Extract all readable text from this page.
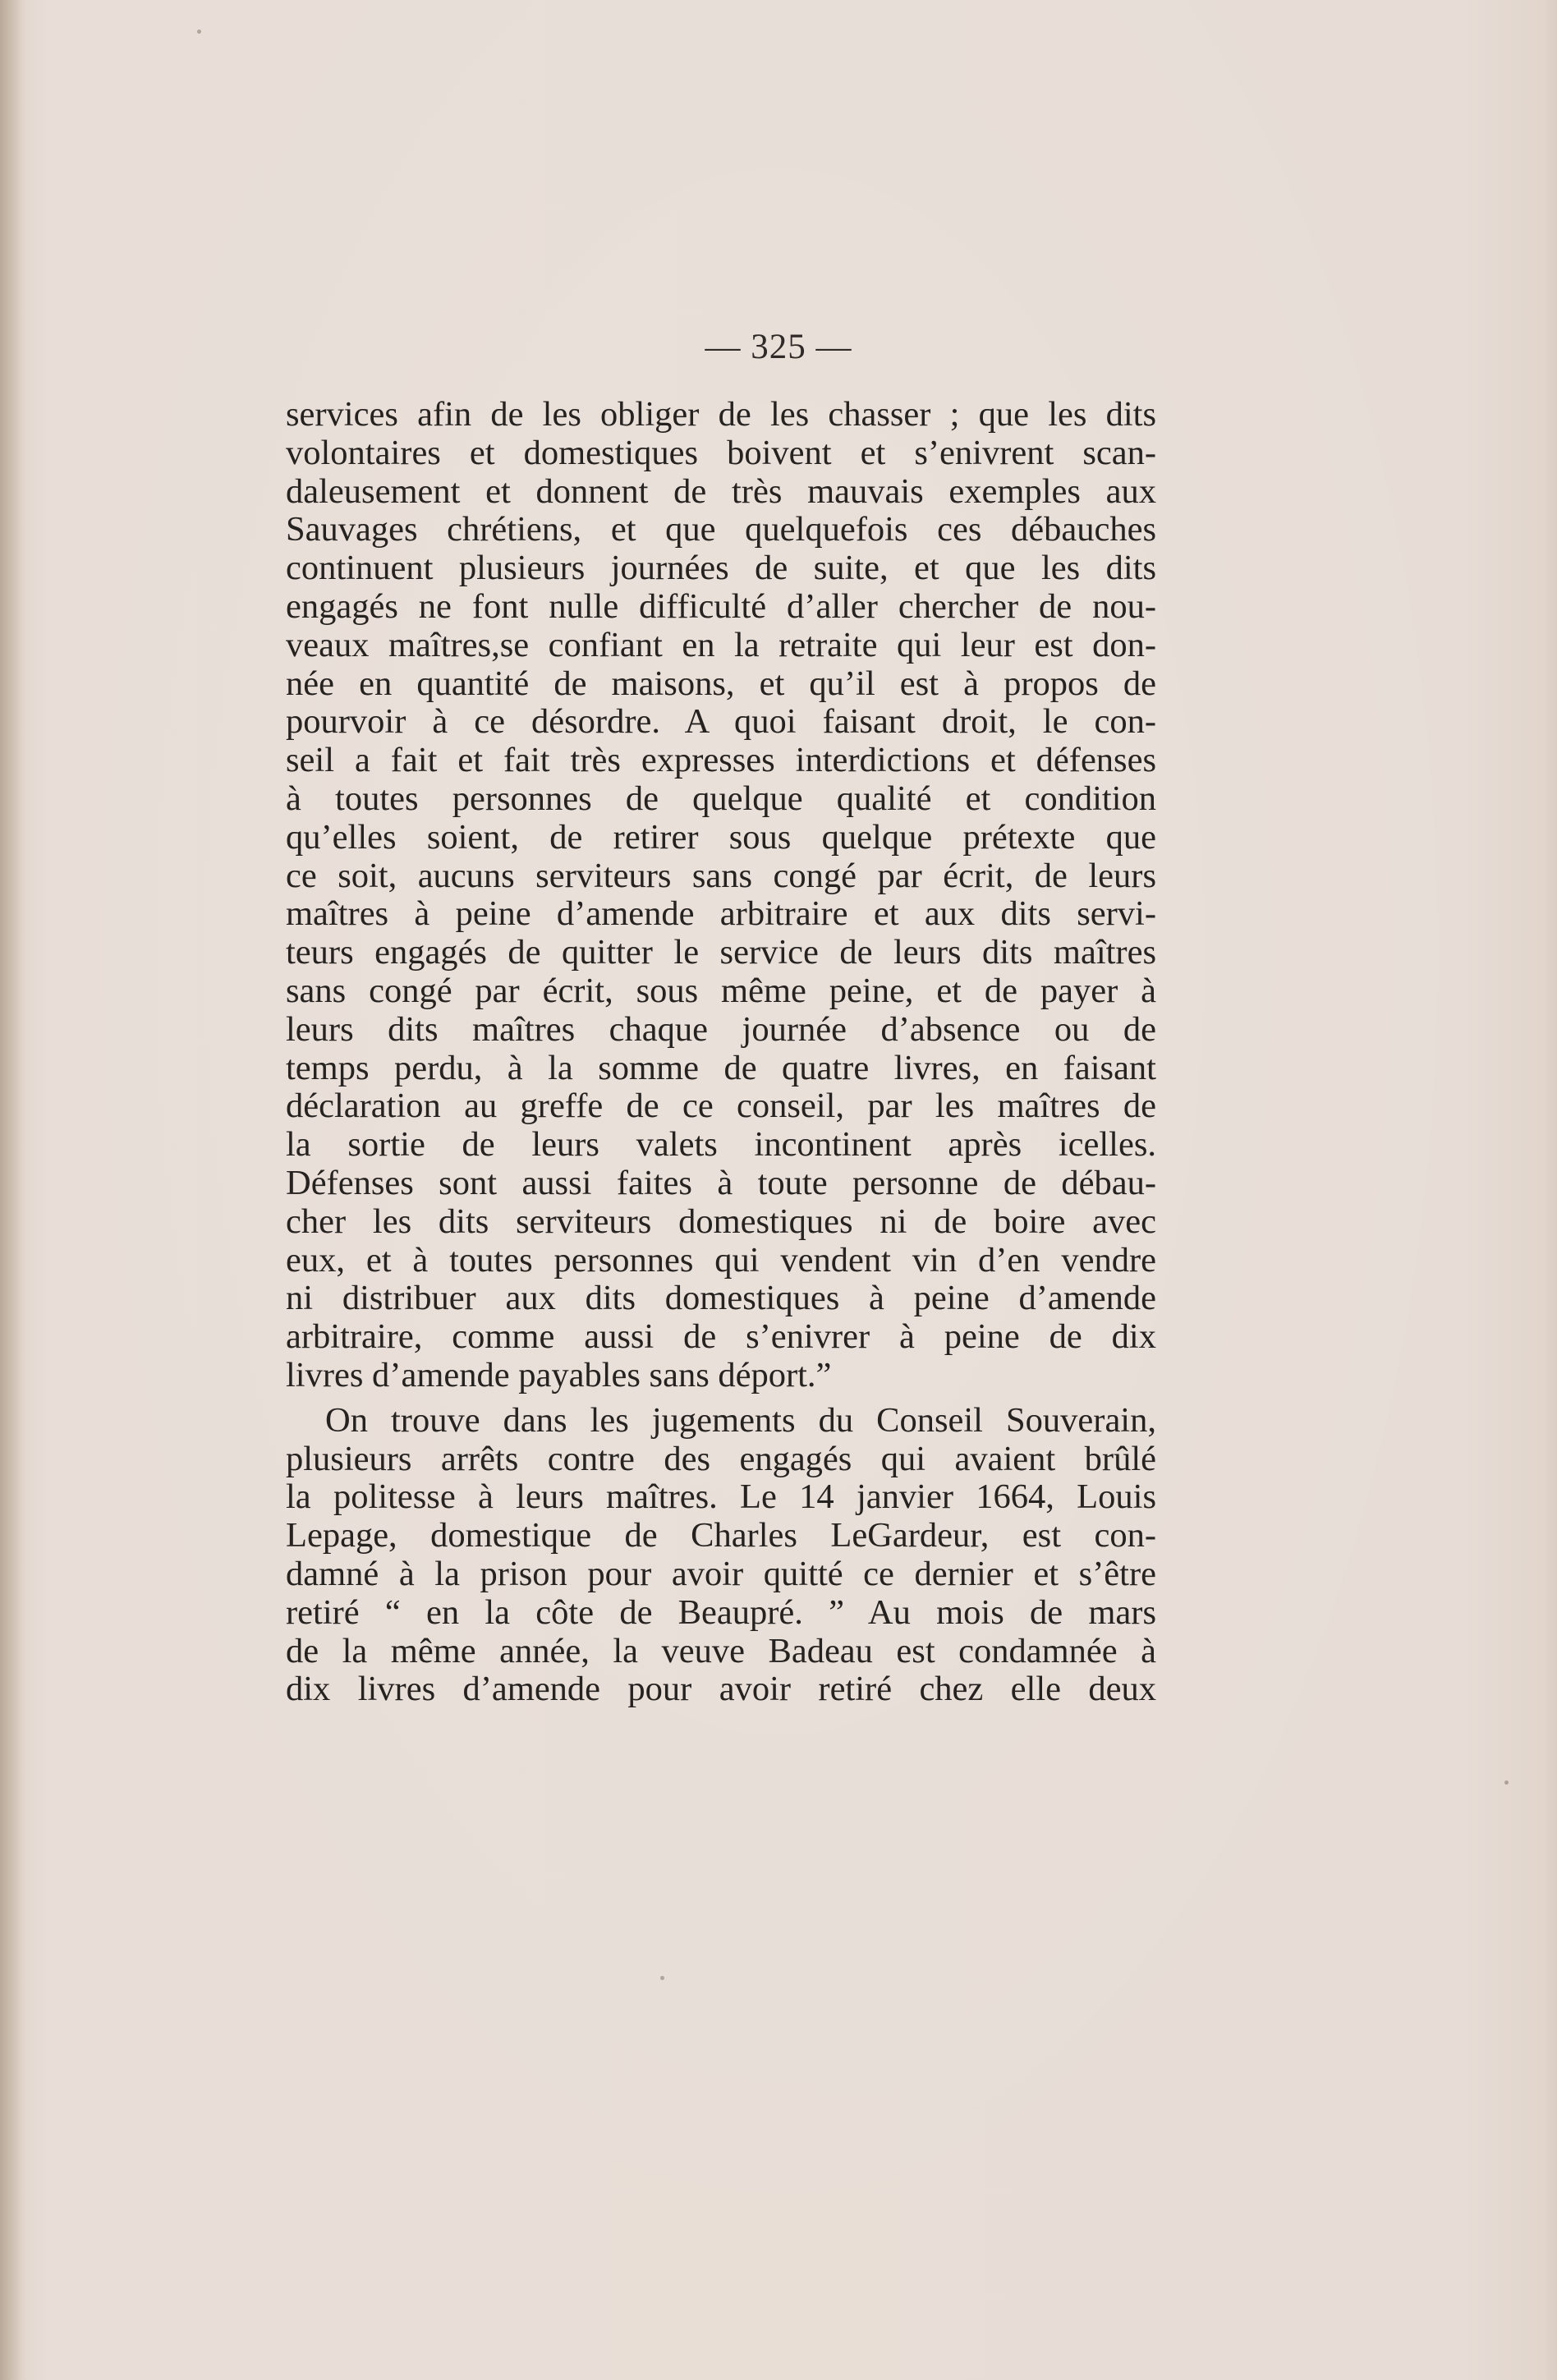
— 325 —
services afin de les obliger de les chasser ; que les dits
volontaires et domestiques boivent et s’enivrent scan-
daleusement et donnent de très mauvais exemples aux
Sauvages chrétiens, et que quelquefois ces débauches
continuent plusieurs journées de suite, et que les dits
engagés ne font nulle difficulté d’aller chercher de nou-
veaux maîtres,se confiant en la retraite qui leur est don-
née en quantité de maisons, et qu’il est à propos de
pourvoir à ce désordre. A quoi faisant droit, le con-
seil a fait et fait très expresses interdictions et défenses
à toutes personnes de quelque qualité et condition
qu’elles soient, de retirer sous quelque prétexte que
ce soit, aucuns serviteurs sans congé par écrit, de leurs
maîtres à peine d’amende arbitraire et aux dits servi-
teurs engagés de quitter le service de leurs dits maîtres
sans congé par écrit, sous même peine, et de payer à
leurs dits maîtres chaque journée d’absence ou de
temps perdu, à la somme de quatre livres, en faisant
déclaration au greffe de ce conseil, par les maîtres de
la sortie de leurs valets incontinent après icelles.
Défenses sont aussi faites à toute personne de débau-
cher les dits serviteurs domestiques ni de boire avec
eux, et à toutes personnes qui vendent vin d’en vendre
ni distribuer aux dits domestiques à peine d’amende
arbitraire, comme aussi de s’enivrer à peine de dix
livres d’amende payables sans déport.”
On trouve dans les jugements du Conseil Souverain,
plusieurs arrêts contre des engagés qui avaient brûlé
la politesse à leurs maîtres. Le 14 janvier 1664, Louis
Lepage, domestique de Charles LeGardeur, est con-
damné à la prison pour avoir quitté ce dernier et s’être
retiré “ en la côte de Beaupré. ” Au mois de mars
de la même année, la veuve Badeau est condamnée à
dix livres d’amende pour avoir retiré chez elle deux
